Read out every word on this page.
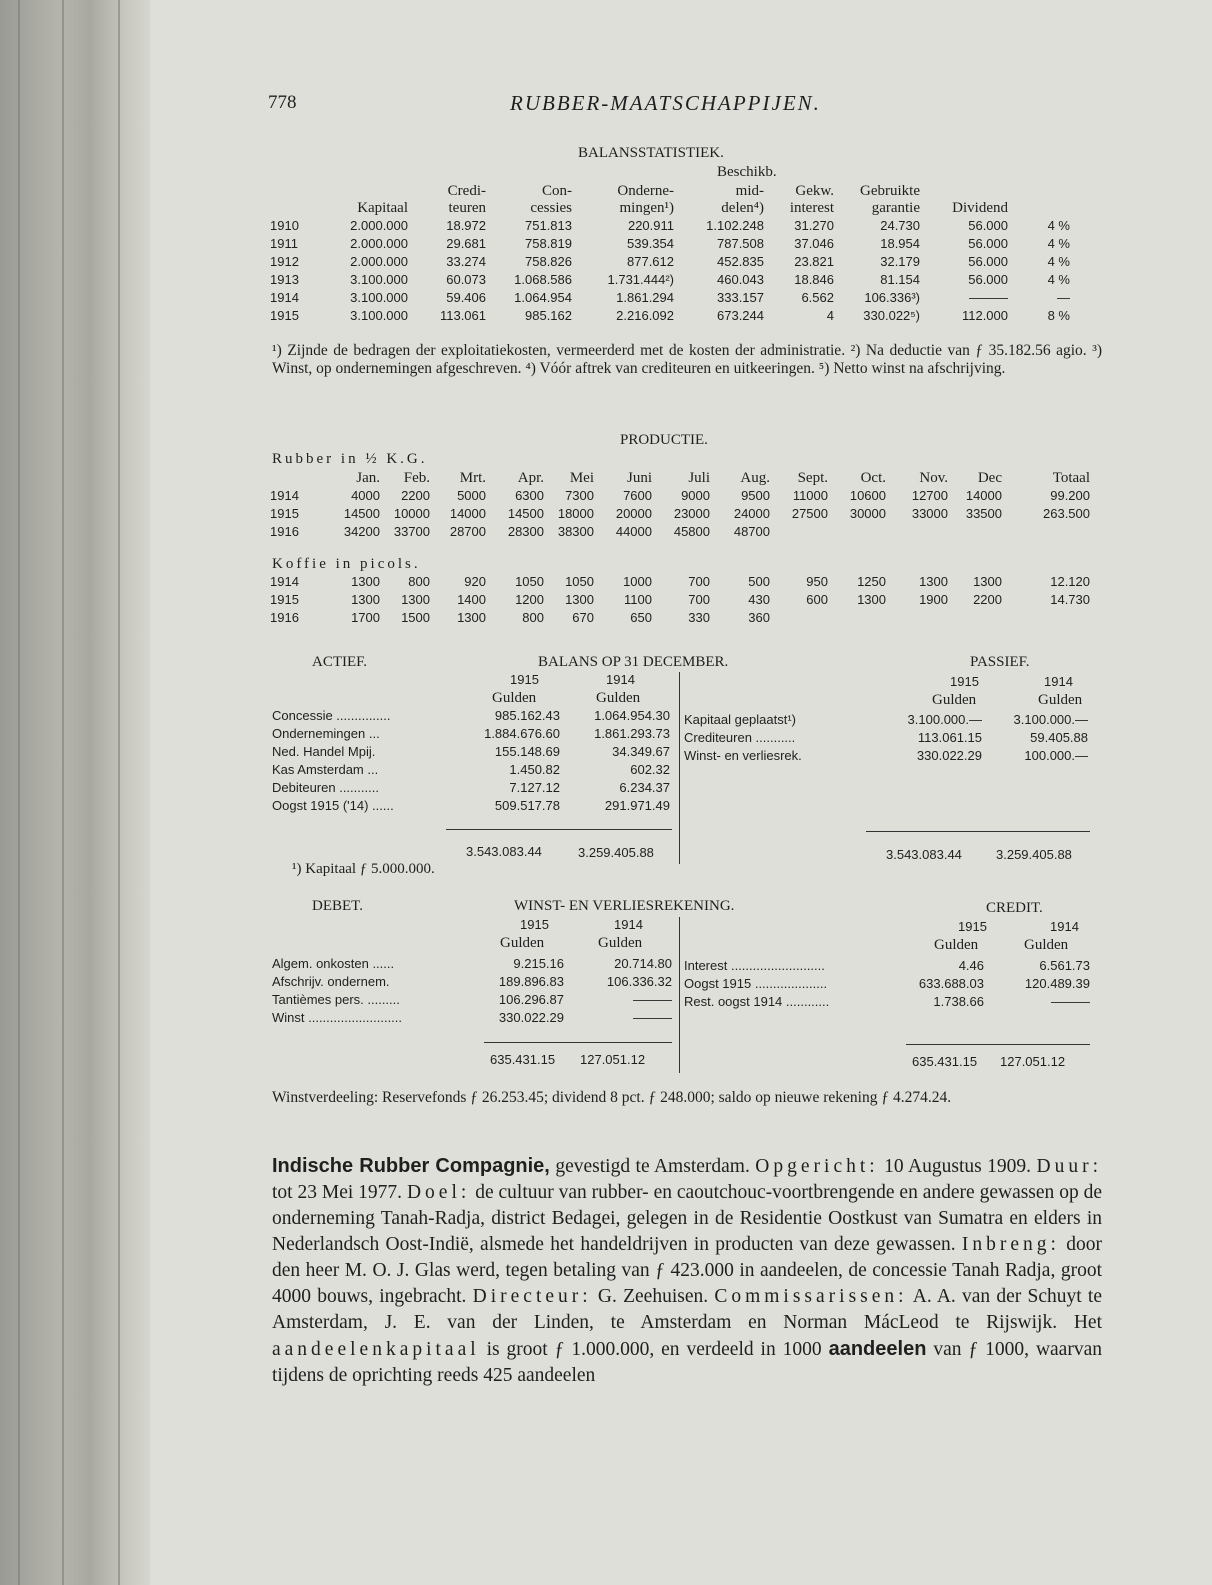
778	RUBBER-MAATSCHAPPIJEN.
BALANSSTATISTIEK.
Beschikb.
		Credi-	Con-	Onderne-	mid-	Gekw.	Gebruikte		
	Kapitaal	teuren	cessies	mingen¹)	delen⁴)	interest	garantie	Dividend	
1910	2.000.000	18.972	751.813	220.911	1.102.248	31.270	24.730	56.000	4 %
1911	2.000.000	29.681	758.819	539.354	787.508	37.046	18.954	56.000	4 %
1912	2.000.000	33.274	758.826	877.612	452.835	23.821	32.179	56.000	4 %
1913	3.100.000	60.073	1.068.586	1.731.444²)	460.043	18.846	81.154	56.000	4 %
1914	3.100.000	59.406	1.064.954	1.861.294	333.157	6.562	106.336³)	———	—
1915	3.100.000	113.061	985.162	2.216.092	673.244	4	330.022⁵)	112.000	8 %
¹) Zijnde de bedragen der exploitatiekosten, vermeerderd met de kosten der administratie. ²) Na deductie van ƒ 35.182.56 agio. ³) Winst, op ondernemingen afgeschreven. ⁴) Vóór aftrek van crediteuren en uitkeeringen. ⁵) Netto winst na afschrijving.
PRODUCTIE.
Rubber in ½ K.G.
	Jan.	Feb.	Mrt.	Apr.	Mei	Juni	Juli	Aug.	Sept.	Oct.	Nov.	Dec	Totaal
1914	4000	2200	5000	6300	7300	7600	9000	9500	11000	10600	12700	14000	99.200
1915	14500	10000	14000	14500	18000	20000	23000	24000	27500	30000	33000	33500	263.500
1916	34200	33700	28700	28300	38300	44000	45800	48700					
Koffie in picols.
1914	1300	800	920	1050	1050	1000	700	500	950	1250	1300	1300	12.120
1915	1300	1300	1400	1200	1300	1100	700	430	600	1300	1900	2200	14.730
1916	1700	1500	1300	800	670	650	330	360					
ACTIEF.	BALANS OP 31 DECEMBER.	PASSIEF.
1915	1914	1915	1914
Gulden	Gulden	Gulden	Gulden
Concessie ...............	985.162.43	1.064.954.30
Ondernemingen ...	1.884.676.60	1.861.293.73
Ned. Handel Mpij.	155.148.69	34.349.67
Kas Amsterdam ...	1.450.82	602.32
Debiteuren ...........	7.127.12	6.234.37
Oogst 1915 ('14) ......	509.517.78	291.971.49
Kapitaal geplaatst¹)	3.100.000.—	3.100.000.—
Crediteuren ...........	113.061.15	59.405.88
Winst- en verliesrek.	330.022.29	100.000.—
3.543.083.44	3.259.405.88	3.543.083.44	3.259.405.88
¹) Kapitaal ƒ 5.000.000.
DEBET.	WINST- EN VERLIESREKENING.	CREDIT.
1915	1914	1915	1914
Gulden	Gulden	Gulden	Gulden
Algem. onkosten ......	9.215.16	20.714.80
Afschrijv. ondernem.	189.896.83	106.336.32
Tantièmes pers. .........	106.296.87	———
Winst ..........................	330.022.29	———
Interest ..........................	4.46	6.561.73
Oogst 1915 ....................	633.688.03	120.489.39
Rest. oogst 1914 ............	1.738.66	———
635.431.15 127.051.12	635.431.15 127.051.12
Winstverdeeling: Reservefonds ƒ 26.253.45; dividend 8 pct. ƒ 248.000; saldo op nieuwe rekening ƒ 4.274.24.
Indische Rubber Compagnie, gevestigd te Amsterdam. Opgericht: 10 Augustus 1909. Duur: tot 23 Mei 1977. Doel: de cultuur van rubber- en caoutchouc-voortbrengende en andere gewassen op de onderneming Tanah-Radja, district Bedagei, gelegen in de Residentie Oostkust van Sumatra en elders in Nederlandsch Oost-Indië, alsmede het handeldrijven in producten van deze gewassen. Inbreng: door den heer M. O. J. Glas werd, tegen betaling van ƒ 423.000 in aandeelen, de concessie Tanah Radja, groot 4000 bouws, ingebracht. Directeur: G. Zeehuisen. Commissarissen: A. A. van der Schuyt te Amsterdam, J. E. van der Linden, te Amsterdam en Norman MácLeod te Rijswijk. Het aandeelenkapitaal is groot ƒ 1.000.000, en verdeeld in 1000 aandeelen van ƒ 1000, waarvan tijdens de oprichting reeds 425 aandeelen
